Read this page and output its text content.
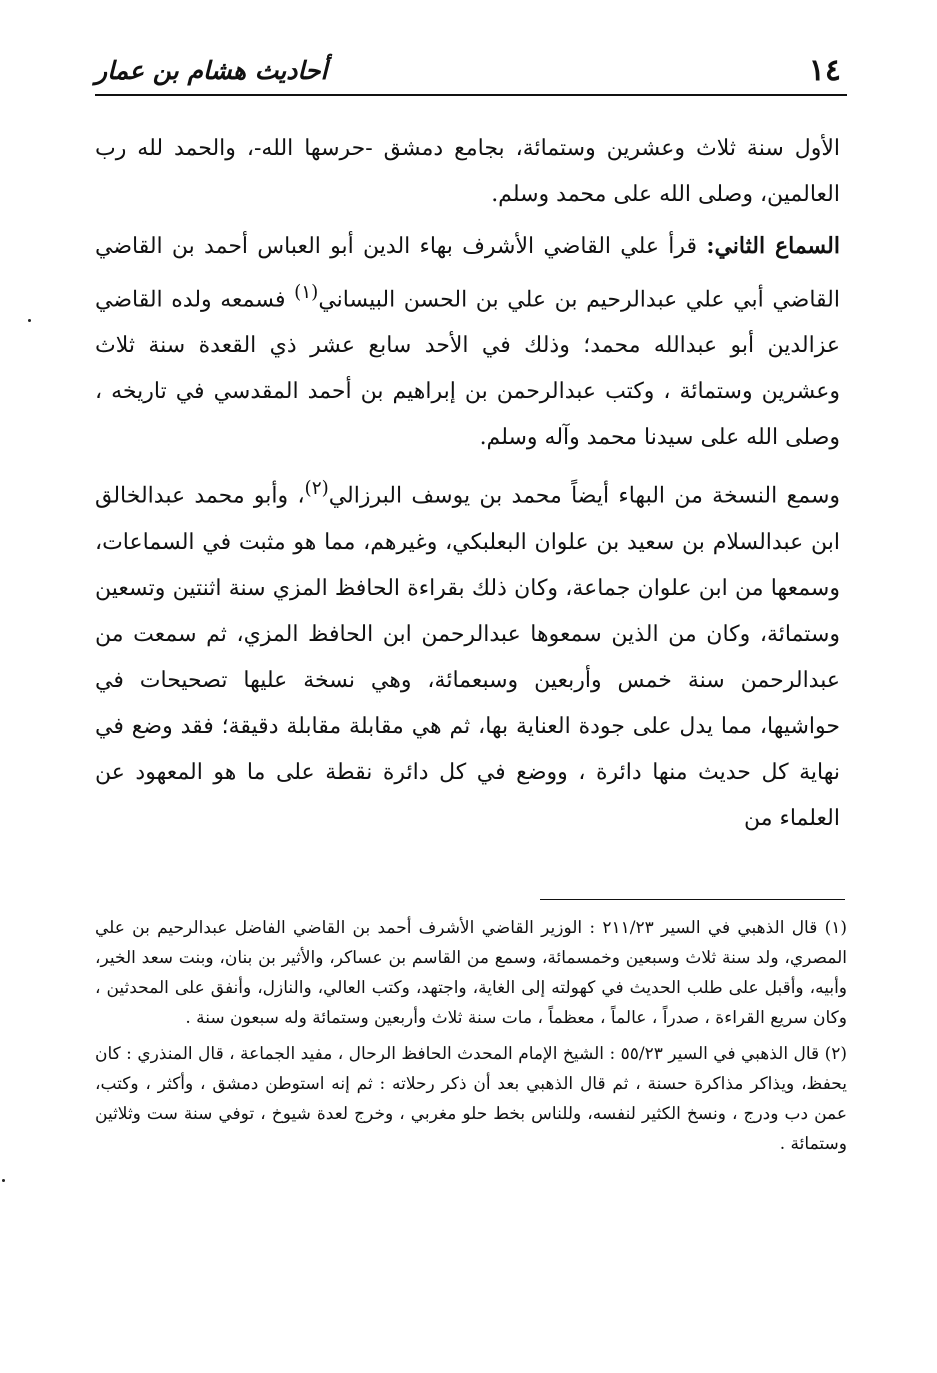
١٤
أحاديث هشام بن عمار

الأول سنة ثلاث وعشرين وستمائة، بجامع دمشق -حرسها الله-، والحمد لله رب العالمين، وصلى الله على محمد وسلم.

السماع الثاني: قرأ علي القاضي الأشرف بهاء الدين أبو العباس أحمد بن القاضي القاضي أبي علي عبدالرحيم بن علي بن الحسن البيساني$^{(١)}$ فسمعه ولده القاضي عزالدين أبو عبدالله محمد؛ وذلك في الأحد سابع عشر ذي القعدة سنة ثلاث وعشرين وستمائة ، وكتب عبدالرحمن بن إبراهيم بن أحمد المقدسي في تاريخه ، وصلى الله على سيدنا محمد وآله وسلم.

وسمع النسخة من البهاء أيضاً محمد بن يوسف البرزالي$^{(٢)}$، وأبو محمد عبدالخالق ابن عبدالسلام بن سعيد بن علوان البعلبكي، وغيرهم، مما هو مثبت في السماعات، وسمعها من ابن علوان جماعة، وكان ذلك بقراءة الحافظ المزي سنة اثنتين وتسعين وستمائة، وكان من الذين سمعوها عبدالرحمن ابن الحافظ المزي، ثم سمعت من عبدالرحمن سنة خمس وأربعين وسبعمائة، وهي نسخة عليها تصحيحات في حواشيها، مما يدل على جودة العناية بها، ثم هي مقابلة مقابلة دقيقة؛ فقد وضع في نهاية كل حديث منها دائرة ، ووضع في كل دائرة نقطة على ما هو المعهود عن العلماء من

(١) قال الذهبي في السير ٢١١/٢٣ : الوزير القاضي الأشرف أحمد بن القاضي الفاضل عبدالرحيم بن علي المصري، ولد سنة ثلاث وسبعين وخمسمائة، وسمع من القاسم بن عساكر، والأثير بن بنان، وبنت سعد الخير، وأبيه، وأقبل على طلب الحديث في كهولته إلى الغاية، واجتهد، وكتب العالي، والنازل، وأنفق على المحدثين ، وكان سريع القراءة ، صدراً ، عالماً ، معظماً ، مات سنة ثلاث وأربعين وستمائة وله سبعون سنة .

(٢) قال الذهبي في السير ٥٥/٢٣ : الشيخ الإمام المحدث الحافظ الرحال ، مفيد الجماعة ، قال المنذري : كان يحفظ، ويذاكر مذاكرة حسنة ، ثم قال الذهبي بعد أن ذكر رحلاته : ثم إنه استوطن دمشق ، وأكثر ، وكتب، عمن دب ودرج ، ونسخ الكثير لنفسه، وللناس بخط حلو مغربي ، وخرج لعدة شيوخ ، توفي سنة ست وثلاثين وستمائة .
